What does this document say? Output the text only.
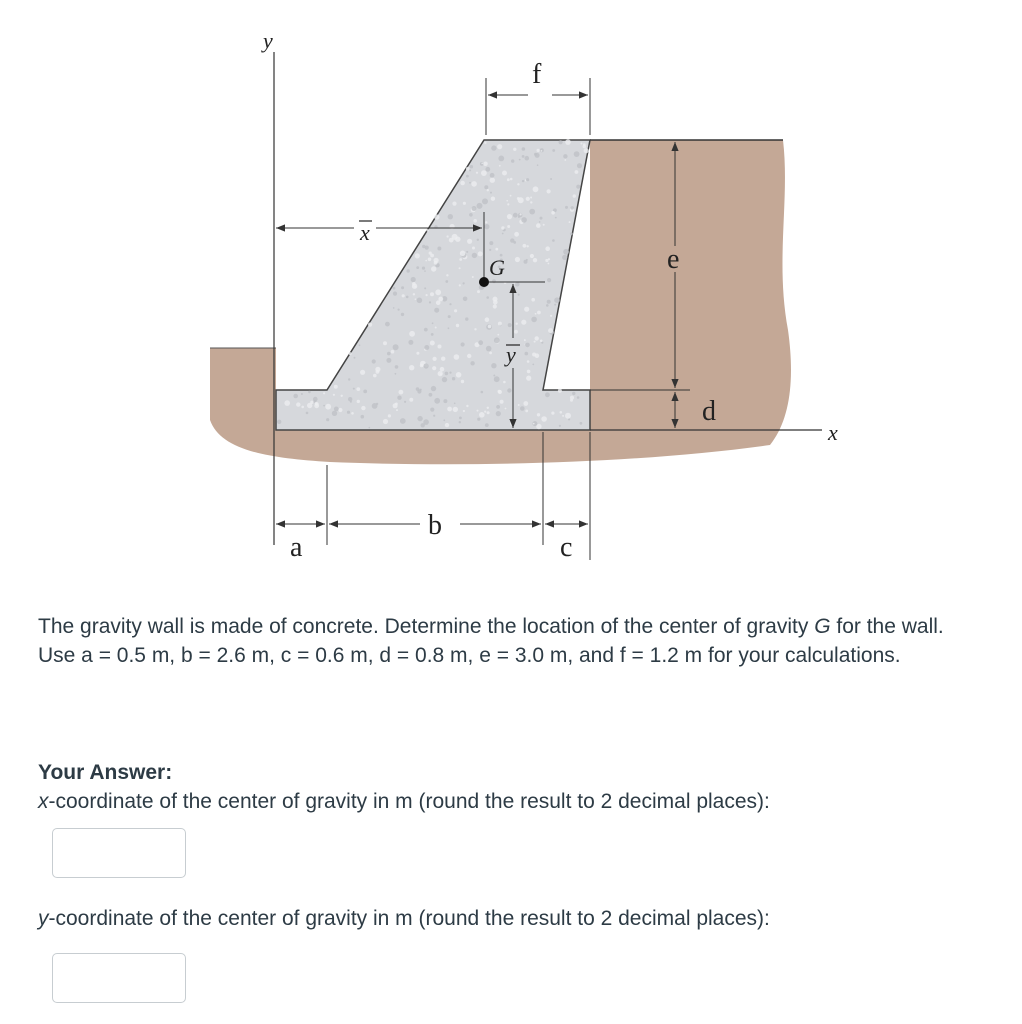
y
x
f
e
d
x
G
y
a
b
c

The gravity wall is made of concrete. Determine the location of the center of gravity G for the wall.

Use a = 0.5 m, b = 2.6 m, c = 0.6 m, d = 0.8 m, e = 3.0 m, and f = 1.2 m for your calculations.

Your Answer:

x-coordinate of the center of gravity in m (round the result to 2 decimal places):

y-coordinate of the center of gravity in m (round the result to 2 decimal places):
